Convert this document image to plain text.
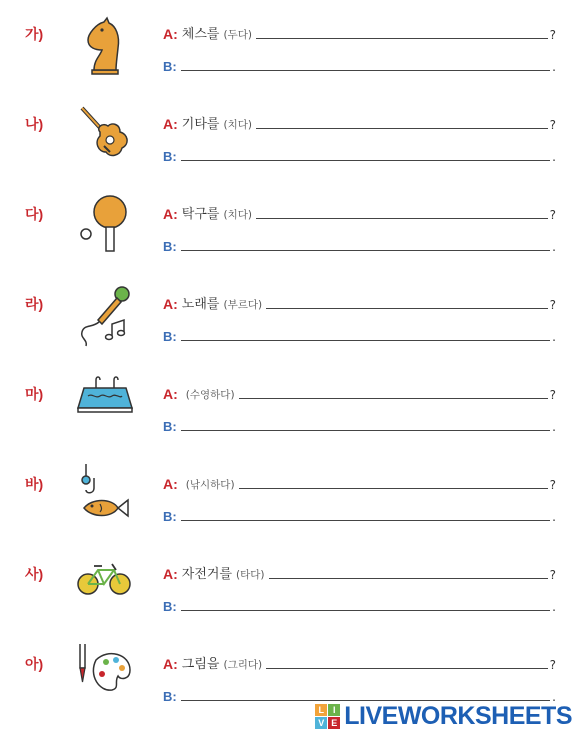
가)	A: 체스를 (두다)	?
B:	.
나)	A: 기타를 (치다)	?
B:	.
다)	A: 탁구를 (치다)	?
B:	.
라)	A: 노래를 (부르다)	?
B:	.
마)	A: (수영하다)	?
B:	.
바)	A: (낚시하다)	?
B:	.
사)	A: 자전거를 (타다)	?
B:	.
아)	A: 그림을 (그리다)	?
B:	.
L I
V E LIVEWORKSHEETS
